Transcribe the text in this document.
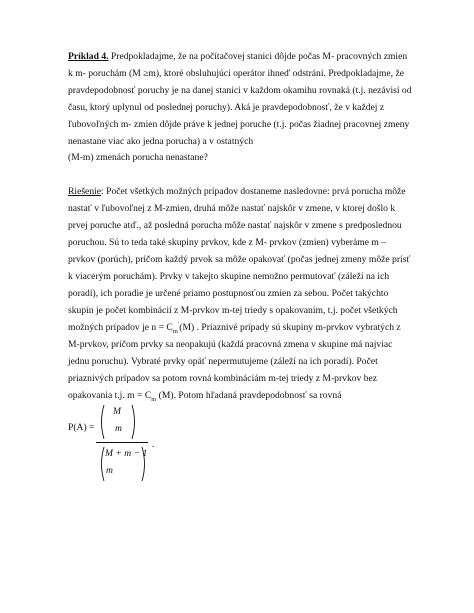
Príklad 4. Predpokladajme, že na počítačovej stanici dôjde počas M- pracovných zmien
k m- poruchám (M ≥m), ktoré obsluhujúci operátor ihneď odstráni. Predpokladajme, že
pravdepodobnosť poruchy je na danej stanici v každom okamihu rovnaká (t.j. nezávisí od
času, ktorý uplynul od poslednej poruchy). Aká je pravdepodobnosť, že v každej z
ľubovoľných m- zmien dôjde práve k jednej poruche (t.j. počas žiadnej pracovnej zmeny
nenastane viac ako jedna porucha) a v ostatných
(M-m) zmenách porucha nenastane?
Riešenie: Počet všetkých možných prípadov dostaneme nasledovne: prvá porucha môže
nastať v ľubovoľnej z M-zmien, druhá môže nastať najskôr v zmene, v ktorej došlo k
prvej poruche atď., až posledná porucha môže nastať najskôr v zmene s predposlednou
poruchou. Sú to teda také skupiny prvkov, kde z M- prvkov (zmien) vyberáme m –
prvkov (porúch), pričom každý prvok sa môže opakovať (počas jednej zmeny môže prísť
k viacerým poruchám). Prvky v takejto skupine nemožno permutovať (záleží na ich
poradí), ich poradie je určené priamo postupnosťou zmien za sebou. Počet takýchto
skupín je počet kombinácií z M-prvkov m-tej triedy s opakovaním, t.j. počet všetkých
možných prípadov je $n = C_m'(M)$ . Priaznivé prípady sú skupiny m-prvkov vybratých z
M-prvkov, pričom prvky sa neopakujú (každá pracovná zmena v skupine má najviac
jednu poruchu). Vybraté prvky opäť nepermutujeme (záleží na ich poradí). Počet
priaznivých prípadov sa potom rovná kombináciám m-tej triedy z M-prvkov bez
opakovania t.j. $m = C_m$ (M). Potom hľadaná pravdepodobnosť sa rovná
P(A) =
M
m
M + m − 1
m
.
